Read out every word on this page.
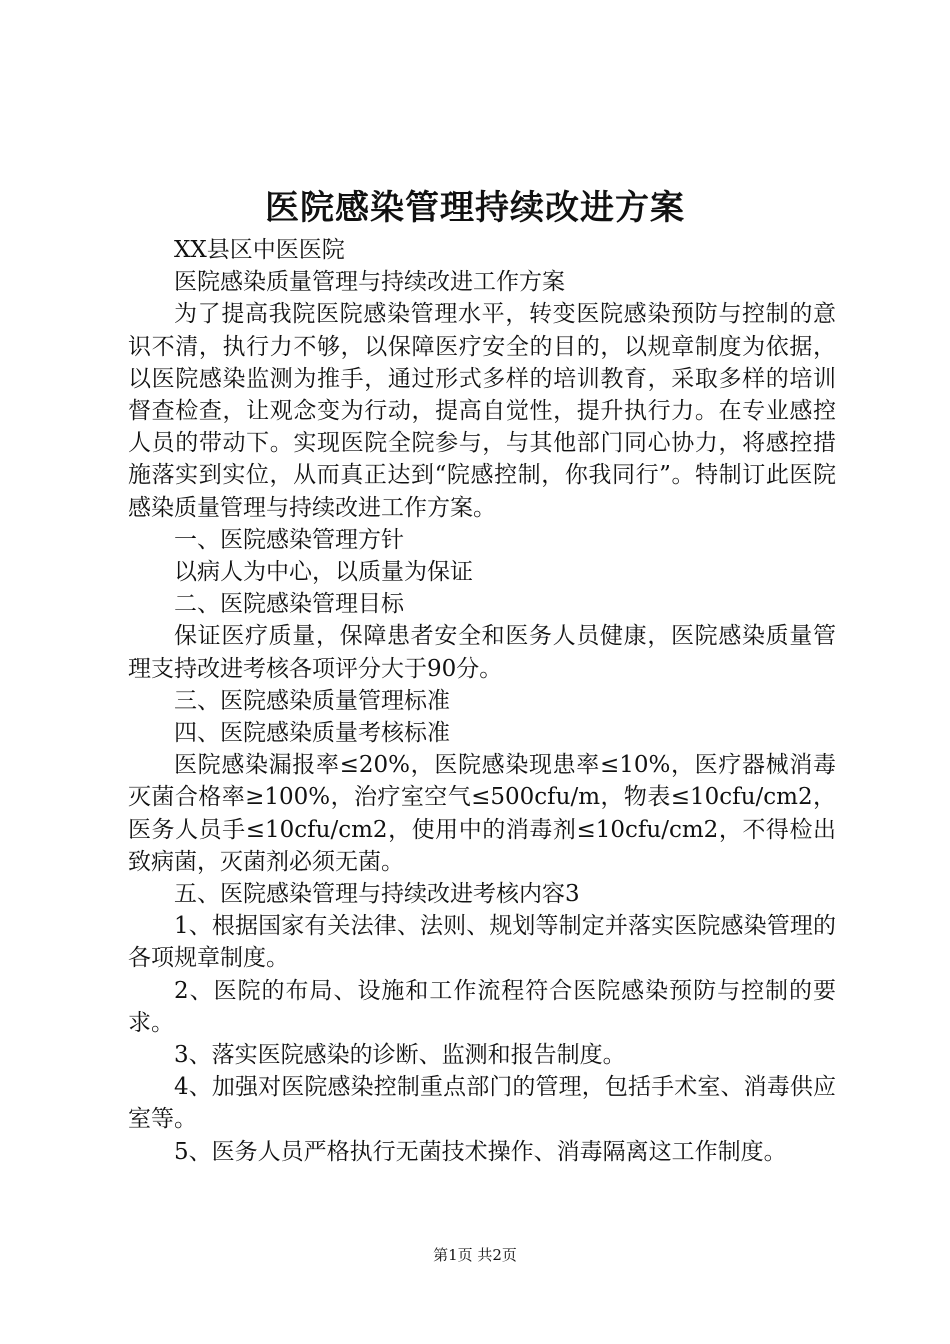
医院感染管理持续改进方案

XX县区中医医院

医院感染质量管理与持续改进工作方案

为了提高我院医院感染管理水平，转变医院感染预防与控制的意识不清，执行力不够，以保障医疗安全的目的，以规章制度为依据，以医院感染监测为推手，通过形式多样的培训教育，采取多样的培训督查检查，让观念变为行动，提高自觉性，提升执行力。在专业感控人员的带动下。实现医院全院参与，与其他部门同心协力，将感控措施落实到实位，从而真正达到“院感控制，你我同行”。特制订此医院感染质量管理与持续改进工作方案。

一、医院感染管理方针

以病人为中心，以质量为保证

二、医院感染管理目标

保证医疗质量，保障患者安全和医务人员健康，医院感染质量管理支持改进考核各项评分大于90分。

三、医院感染质量管理标准

四、医院感染质量考核标准

医院感染漏报率≤20%，医院感染现患率≤10%，医疗器械消毒灭菌合格率≥100%，治疗室空气≤500cfu/m，物表≤10cfu/cm2，医务人员手≤10cfu/cm2，使用中的消毒剂≤10cfu/cm2，不得检出致病菌，灭菌剂必须无菌。

五、医院感染管理与持续改进考核内容3

1、根据国家有关法律、法则、规划等制定并落实医院感染管理的各项规章制度。

2、医院的布局、设施和工作流程符合医院感染预防与控制的要求。

3、落实医院感染的诊断、监测和报告制度。

4、加强对医院感染控制重点部门的管理，包括手术室、消毒供应室等。

5、医务人员严格执行无菌技术操作、消毒隔离这工作制度。

第1页 共2页
